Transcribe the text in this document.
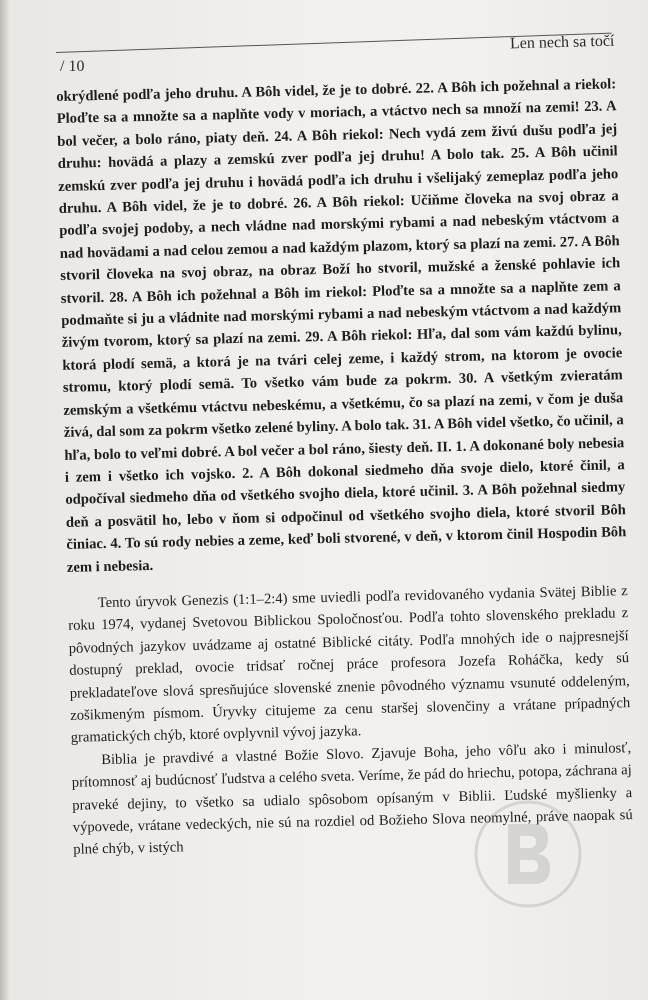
/ 10
Len nech sa točí

okrýdlené podľa jeho druhu. A Bôh videl, že je to dobré. 22. A Bôh ich požehnal a riekol: Ploďte sa a množte sa a naplňte vody v moriach, a vtáctvo nech sa množí na zemi! 23. A bol večer, a bolo ráno, piaty deň. 24. A Bôh riekol: Nech vydá zem živú dušu podľa jej druhu: hovädá a plazy a zemskú zver podľa jej druhu! A bolo tak. 25. A Bôh učinil zemskú zver podľa jej druhu i hovädá podľa ich druhu i všelijaký zemeplaz podľa jeho druhu. A Bôh videl, že je to dobré. 26. A Bôh riekol: Učiňme človeka na svoj obraz a podľa svojej podoby, a nech vládne nad morskými rybami a nad nebeským vtáctvom a nad hovädami a nad celou zemou a nad každým plazom, ktorý sa plazí na zemi. 27. A Bôh stvoril človeka na svoj obraz, na obraz Boží ho stvoril, mužské a ženské pohlavie ich stvoril. 28. A Bôh ich požehnal a Bôh im riekol: Ploďte sa a množte sa a naplňte zem a podmaňte si ju a vládnite nad morskými rybami a nad nebeským vtáctvom a nad každým živým tvorom, ktorý sa plazí na zemi. 29. A Bôh riekol: Hľa, dal som vám každú bylinu, ktorá plodí semä, a ktorá je na tvári celej zeme, i každý strom, na ktorom je ovocie stromu, ktorý plodí semä. To všetko vám bude za pokrm. 30. A všetkým zvieratám zemským a všetkému vtáctvu nebeskému, a všetkému, čo sa plazí na zemi, v čom je duša živá, dal som za pokrm všetko zelené byliny. A bolo tak. 31. A Bôh videl všetko, čo učinil, a hľa, bolo to veľmi dobré. A bol večer a bol ráno, šiesty deň. II. 1. A dokonané boly nebesia i zem i všetko ich vojsko. 2. A Bôh dokonal siedmeho dňa svoje dielo, ktoré činil, a odpočíval siedmeho dňa od všetkého svojho diela, ktoré učinil. 3. A Bôh požehnal siedmy deň a posvätil ho, lebo v ňom si odpočinul od všetkého svojho diela, ktoré stvoril Bôh činiac. 4. To sú rody nebies a zeme, keď boli stvorené, v deň, v ktorom činil Hospodin Bôh zem i nebesia.

Tento úryvok Genezis (1:1–2:4) sme uviedli podľa revidovaného vydania Svätej Biblie z roku 1974, vydanej Svetovou Biblickou Spoločnosťou. Podľa tohto slovenského prekladu z pôvodných jazykov uvádzame aj ostatné Biblické citáty. Podľa mnohých ide o najpresnejší dostupný preklad, ovocie tridsať ročnej práce profesora Jozefa Roháčka, kedy sú prekladateľove slová spresňujúce slovenské znenie pôvodného významu vsunuté oddeleným, zošikmeným písmom. Úryvky citujeme za cenu staršej slovenčiny a vrátane prípadných gramatických chýb, ktoré ovplyvnil vývoj jazyka.

Biblia je pravdivé a vlastné Božie Slovo. Zjavuje Boha, jeho vôľu ako i minulosť, prítomnosť aj budúcnosť ľudstva a celého sveta. Veríme, že pád do hriechu, potopa, záchrana aj praveké dejiny, to všetko sa udialo spôsobom opísaným v Biblii. Ľudské myšlienky a výpovede, vrátane vedeckých, nie sú na rozdiel od Božieho Slova neomylné, práve naopak sú plné chýb, v istých
